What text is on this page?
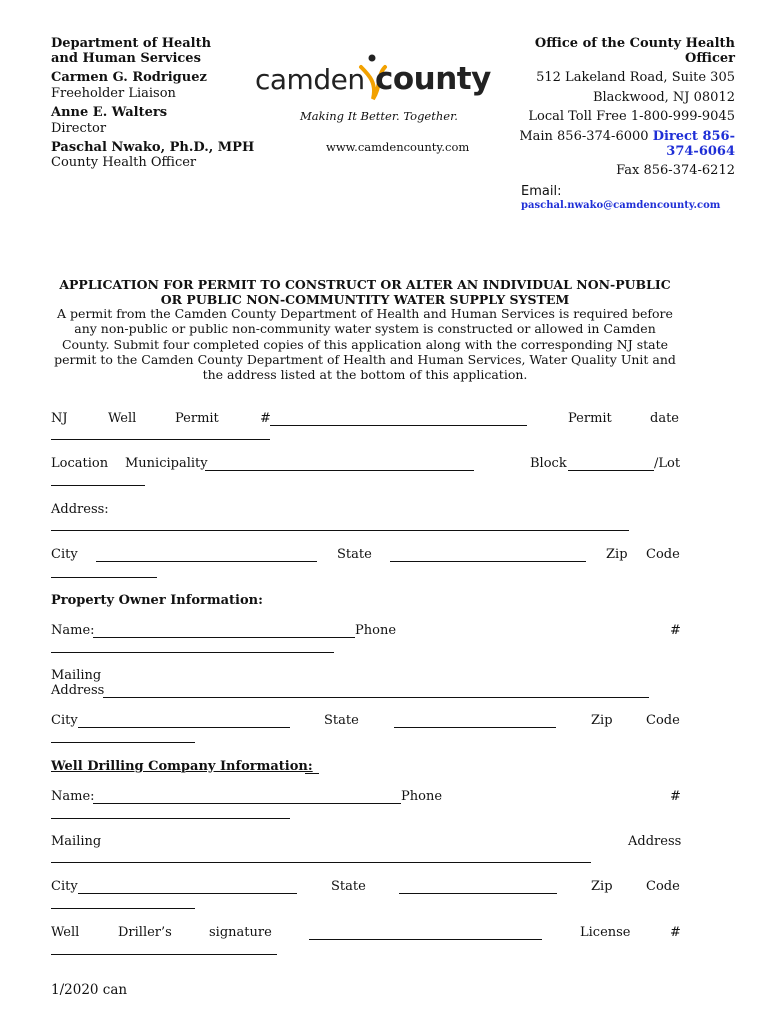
Department of Health
and Human Services
Carmen G. Rodriguez
Freeholder Liaison
Anne E. Walters
Director
Paschal Nwako, Ph.D., MPH
County Health Officer
camden county
Making It Better. Together.
www.camdencounty.com
Office of the County Health
Officer
512 Lakeland Road, Suite 305
Blackwood, NJ 08012
Local Toll Free 1-800-999-9045
Main 856-374-6000 Direct 856-
374-6064
Fax 856-374-6212
Email:
paschal.nwako@camdencounty.com
APPLICATION FOR PERMIT TO CONSTRUCT OR ALTER AN INDIVIDUAL NON-PUBLIC
OR PUBLIC NON-COMMUNTITY WATER SUPPLY SYSTEM
A permit from the Camden County Department of Health and Human Services is required before
any non-public or public non-community water system is constructed or allowed in Camden
County. Submit four completed copies of this application along with the corresponding NJ state
permit to the Camden County Department of Health and Human Services, Water Quality Unit and
the address listed at the bottom of this application.
NJ	Well	Permit	#	Permit	date
Location Municipality	Block	/Lot
Address:
City	State	Zip Code
Property Owner Information:
Name:	Phone	#
Mailing
Address
City	State	Zip	Code
Well Drilling Company Information:
Name:	Phone	#
Mailing	Address
City	State	Zip	Code
Well	Driller’s	signature	License	#
1/2020 can
